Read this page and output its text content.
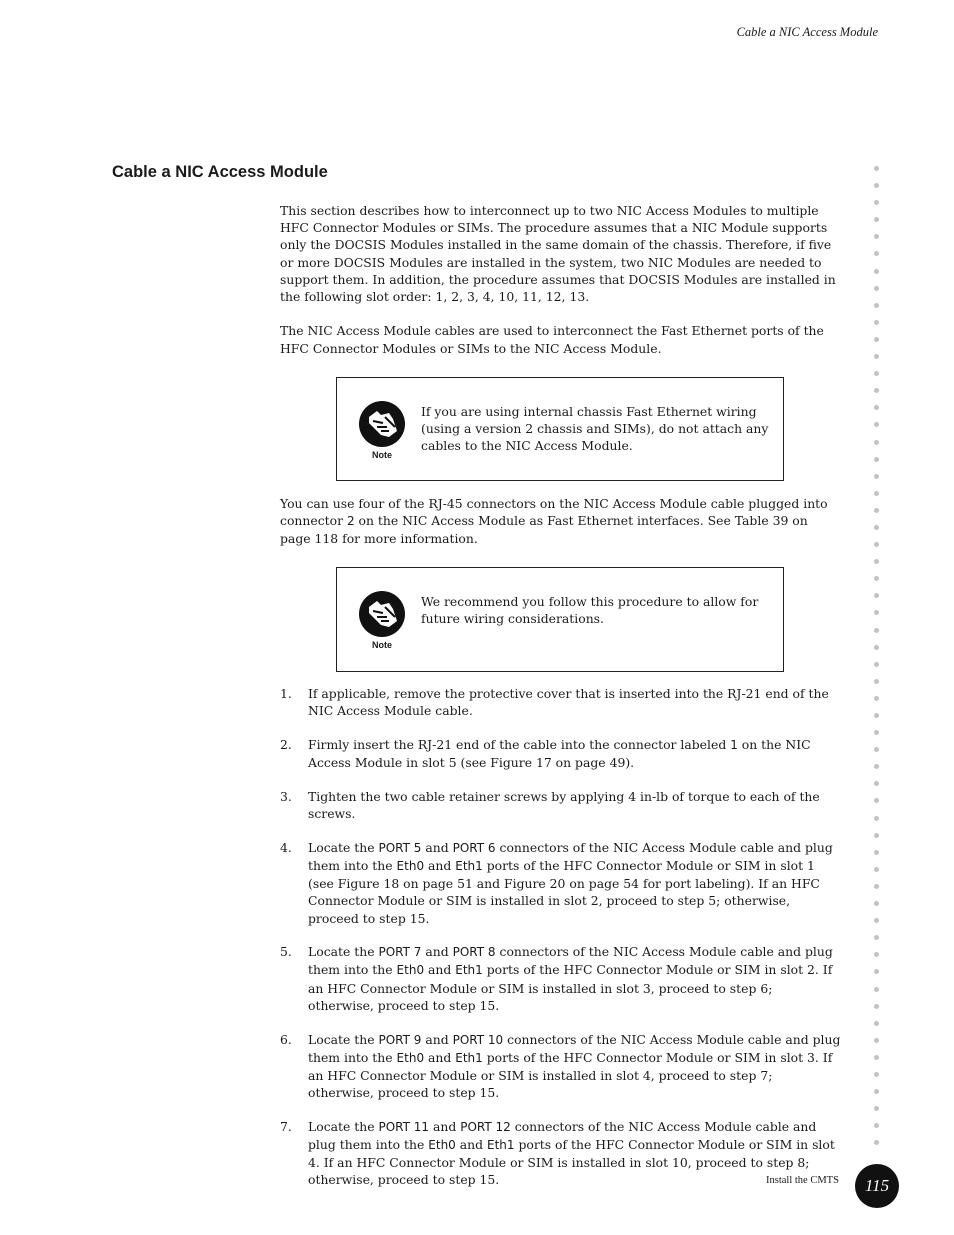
Cable a NIC Access Module
Cable a NIC Access Module

This section describes how to interconnect up to two NIC Access Modules to multiple HFC Connector Modules or SIMs. The procedure assumes that a NIC Module supports only the DOCSIS Modules installed in the same domain of the chassis. Therefore, if five or more DOCSIS Modules are installed in the system, two NIC Modules are needed to support them. In addition, the procedure assumes that DOCSIS Modules are installed in the following slot order: 1, 2, 3, 4, 10, 11, 12, 13.

The NIC Access Module cables are used to interconnect the Fast Ethernet ports of the HFC Connector Modules or SIMs to the NIC Access Module.

Note

If you are using internal chassis Fast Ethernet wiring (using a version 2 chassis and SIMs), do not attach any cables to the NIC Access Module.

You can use four of the RJ-45 connectors on the NIC Access Module cable plugged into connector 2 on the NIC Access Module as Fast Ethernet interfaces. See Table 39 on page 118 for more information.

Note

We recommend you follow this procedure to allow for future wiring considerations.

1. If applicable, remove the protective cover that is inserted into the RJ-21 end of the NIC Access Module cable.
2. Firmly insert the RJ-21 end of the cable into the connector labeled 1 on the NIC Access Module in slot 5 (see Figure 17 on page 49).
3. Tighten the two cable retainer screws by applying 4 in-lb of torque to each of the screws.
4. Locate the PORT 5 and PORT 6 connectors of the NIC Access Module cable and plug them into the Eth0 and Eth1 ports of the HFC Connector Module or SIM in slot 1 (see Figure 18 on page 51 and Figure 20 on page 54 for port labeling). If an HFC Connector Module or SIM is installed in slot 2, proceed to step 5; otherwise, proceed to step 15.
5. Locate the PORT 7 and PORT 8 connectors of the NIC Access Module cable and plug them into the Eth0 and Eth1 ports of the HFC Connector Module or SIM in slot 2. If an HFC Connector Module or SIM is installed in slot 3, proceed to step 6; otherwise, proceed to step 15.
6. Locate the PORT 9 and PORT 10 connectors of the NIC Access Module cable and plug them into the Eth0 and Eth1 ports of the HFC Connector Module or SIM in slot 3. If an HFC Connector Module or SIM is installed in slot 4, proceed to step 7; otherwise, proceed to step 15.
7. Locate the PORT 11 and PORT 12 connectors of the NIC Access Module cable and plug them into the Eth0 and Eth1 ports of the HFC Connector Module or SIM in slot 4. If an HFC Connector Module or SIM is installed in slot 10, proceed to step 8; otherwise, proceed to step 15.	Install the CMTS	115
